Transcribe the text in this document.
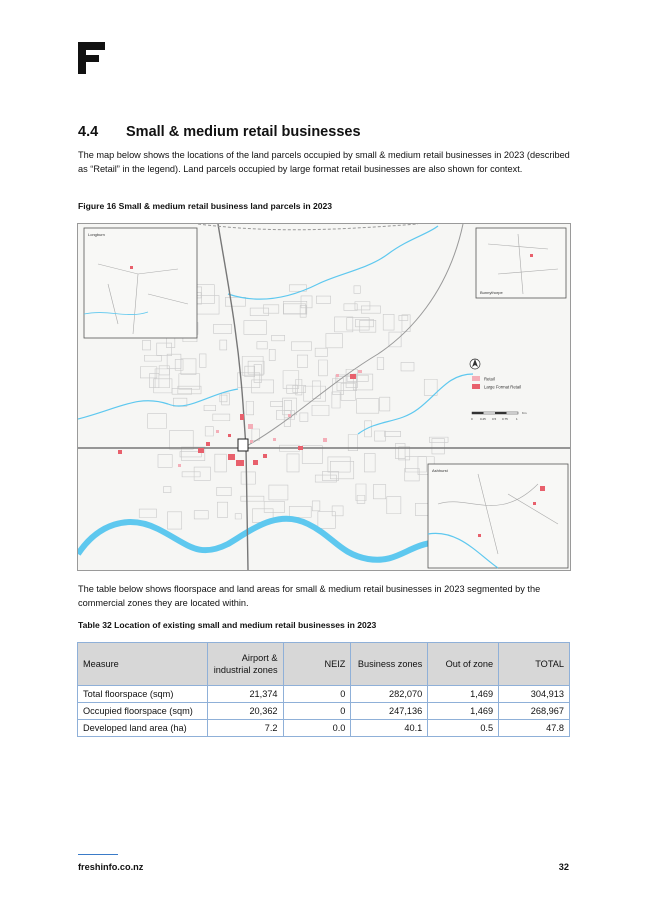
4.4 Small & medium retail businesses

The map below shows the locations of the land parcels occupied by small & medium retail businesses in 2023 (described as “Retail” in the legend). Land parcels occupied by large format retail businesses are also shown for context.

Figure 16 Small & medium retail business land parcels in 2023

Longburn
Bunnythorpe
Ashhurst
Retail
Large Format Retail
0 0.25 0.5 0.75	1
Km

The table below shows floorspace and land areas for small & medium retail businesses in 2023 segmented by the commercial zones they are located within.

Table 32 Location of existing small and medium retail businesses in 2023

Measure	Airport & industrial zones	NEIZ	Business zones	Out of zone	TOTAL
Total floorspace (sqm)	21,374	0	282,070	1,469	304,913
Occupied floorspace (sqm)	20,362	0	247,136	1,469	268,967
Developed land area (ha)	7.2	0.0	40.1	0.5	47.8
freshinfo.co.nz	32
